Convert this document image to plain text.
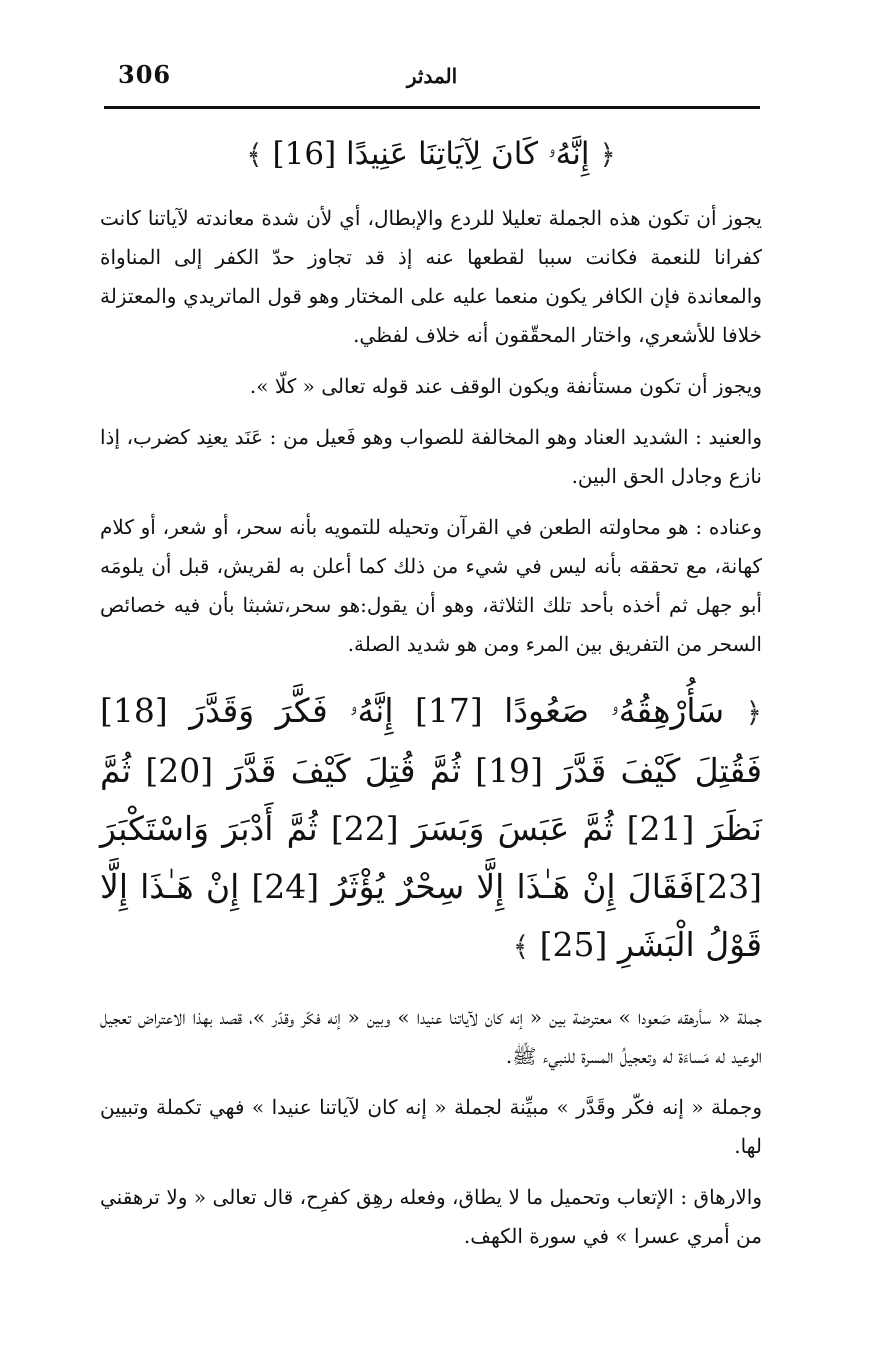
306	المدثر
﴿ إِنَّهُۥ كَانَ لِآيَاتِنَا عَنِيدًا [16] ﴾

يجوز أن تكون هذه الجملة تعليلا للردع والإبطال، أي لأن شدة معاندته لآياتنا كانت كفرانا للنعمة فكانت سببا لقطعها عنه إذ قد تجاوز حدّ الكفر إلى المناواة والمعاندة فإن الكافر يكون منعما عليه على المختار وهو قول الماتريدي والمعتزلة خلافا للأشعري، واختار المحقّقون أنه خلاف لفظي.

ويجوز أن تكون مستأنفة ويكون الوقف عند قوله تعالى « كلّا ».

والعنيد : الشديد العناد وهو المخالفة للصواب وهو فَعيل من : عَنَد يعنِد كضرب، إذا نازع وجادل الحق البين.

وعناده : هو محاولته الطعن في القرآن وتحيله للتمويه بأنه سحر، أو شعر، أو كلام كهانة، مع تحققه بأنه ليس في شيء من ذلك كما أعلن به لقريش، قبل أن يلومَه أبو جهل ثم أخذه بأحد تلك الثلاثة، وهو أن يقول:هو سحر،تشبثا بأن فيه خصائص السحر من التفريق بين المرء ومن هو شديد الصلة.

﴿ سَأُرْهِقُهُۥ صَعُودًا [17] إِنَّهُۥ فَكَّرَ وَقَدَّرَ [18] فَقُتِلَ كَيْفَ قَدَّرَ [19] ثُمَّ قُتِلَ كَيْفَ قَدَّرَ [20] ثُمَّ نَظَرَ [21] ثُمَّ عَبَسَ وَبَسَرَ [22] ثُمَّ أَدْبَرَ وَاسْتَكْبَرَ [23]فَقَالَ إِنْ هَـٰذَا إِلَّا سِحْرٌ يُؤْثَرُ [24] إِنْ هَـٰذَا إِلَّا قَوْلُ الْبَشَرِ [25] ﴾

جملة « سأرهقه صَعودا » معترضة بين « إنه كان لآياتنا عنيدا » وبين « إنه فكّر وقدّر »، قصد بهذا الاعتراض تعجيل الوعيد له مَساءَة له وتعجيلُ المسرة للنبيء ﷺ.

وجملة « إنه فكّر وقَدَّر » مبيِّنة لجملة « إنه كان لآياتنا عنيدا » فهي تكملة وتبيين لها.

والارهاق : الإتعاب وتحميل ما لا يطاق، وفعله رهِق كفرِح، قال تعالى « ولا ترهقني من أمري عسرا » في سورة الكهف.
